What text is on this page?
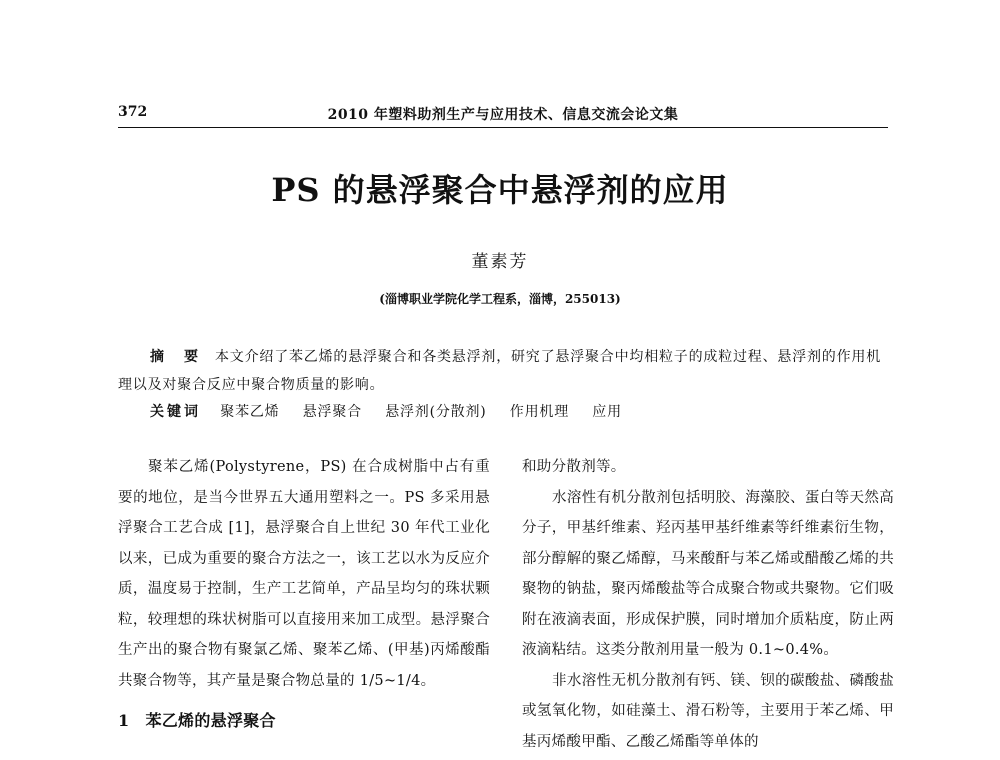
372	2010 年塑料助剂生产与应用技术、信息交流会论文集
PS 的悬浮聚合中悬浮剂的应用
董素芳
(淄博职业学院化学工程系，淄博，255013)

摘　要 本文介绍了苯乙烯的悬浮聚合和各类悬浮剂，研究了悬浮聚合中均相粒子的成粒过程、悬浮剂的作用机理以及对聚合反应中聚合物质量的影响。

关键词 聚苯乙烯 悬浮聚合 悬浮剂(分散剂) 作用机理 应用

聚苯乙烯(Polystyrene，PS) 在合成树脂中占有重要的地位，是当今世界五大通用塑料之一。PS 多采用悬浮聚合工艺合成 [1]，悬浮聚合自上世纪 30 年代工业化以来，已成为重要的聚合方法之一，该工艺以水为反应介质，温度易于控制，生产工艺简单，产品呈均匀的珠状颗粒，较理想的珠状树脂可以直接用来加工成型。悬浮聚合生产出的聚合物有聚氯乙烯、聚苯乙烯、(甲基)丙烯酸酯共聚合物等，其产量是聚合物总量的 1/5~1/4。

1 苯乙烯的悬浮聚合

和助分散剂等。

水溶性有机分散剂包括明胶、海藻胶、蛋白等天然高分子，甲基纤维素、羟丙基甲基纤维素等纤维素衍生物，部分醇解的聚乙烯醇，马来酸酐与苯乙烯或醋酸乙烯的共聚物的钠盐，聚丙烯酸盐等合成聚合物或共聚物。它们吸附在液滴表面，形成保护膜，同时增加介质粘度，防止两液滴粘结。这类分散剂用量一般为 0.1~0.4%。

非水溶性无机分散剂有钙、镁、钡的碳酸盐、磷酸盐或氢氧化物，如硅藻土、滑石粉等，主要用于苯乙烯、甲基丙烯酸甲酯、乙酸乙烯酯等单体的
